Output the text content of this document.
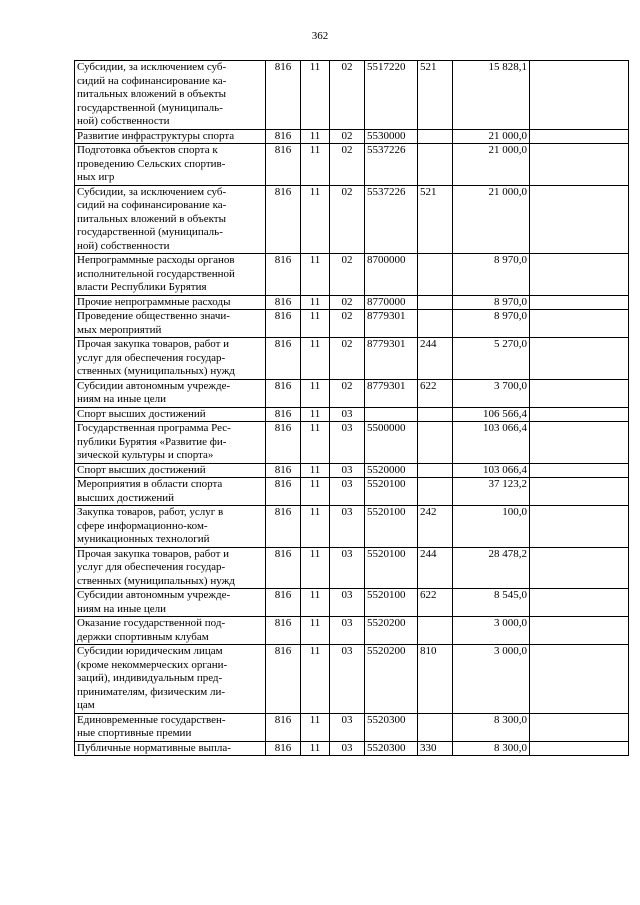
362
Субсидии, за исключением суб-
сидий на софинансирование ка-
питальных вложений в объекты
государственной (муниципаль-
ной) собственности	816	11	02	5517220	521	15 828,1	
Развитие инфраструктуры спорта	816	11	02	5530000		21 000,0	
Подготовка объектов спорта к
проведению Сельских спортив-
ных игр	816	11	02	5537226		21 000,0	
Субсидии, за исключением суб-
сидий на софинансирование ка-
питальных вложений в объекты
государственной (муниципаль-
ной) собственности	816	11	02	5537226	521	21 000,0	
Непрограммные расходы органов
исполнительной государственной
власти Республики Бурятия	816	11	02	8700000		8 970,0	
Прочие непрограммные расходы	816	11	02	8770000		8 970,0	
Проведение общественно значи-
мых мероприятий	816	11	02	8779301		8 970,0	
Прочая закупка товаров, работ и
услуг для обеспечения государ-
ственных (муниципальных) нужд	816	11	02	8779301	244	5 270,0	
Субсидии автономным учрежде-
ниям на иные цели	816	11	02	8779301	622	3 700,0	
Спорт высших достижений	816	11	03			106 566,4	
Государственная программа Рес-
публики Бурятия «Развитие фи-
зической культуры и спорта»	816	11	03	5500000		103 066,4	
Спорт высших достижений	816	11	03	5520000		103 066,4	
Мероприятия в области спорта
высших достижений	816	11	03	5520100		37 123,2	
Закупка товаров, работ, услуг в
сфере информационно-ком-
муникационных технологий	816	11	03	5520100	242	100,0	
Прочая закупка товаров, работ и
услуг для обеспечения государ-
ственных (муниципальных) нужд	816	11	03	5520100	244	28 478,2	
Субсидии автономным учрежде-
ниям на иные цели	816	11	03	5520100	622	8 545,0	
Оказание государственной под-
держки спортивным клубам	816	11	03	5520200		3 000,0	
Субсидии юридическим лицам
(кроме некоммерческих органи-
заций), индивидуальным пред-
принимателям, физическим ли-
цам	816	11	03	5520200	810	3 000,0	
Единовременные государствен-
ные спортивные премии	816	11	03	5520300		8 300,0	
Публичные нормативные выпла-	816	11	03	5520300	330	8 300,0	
